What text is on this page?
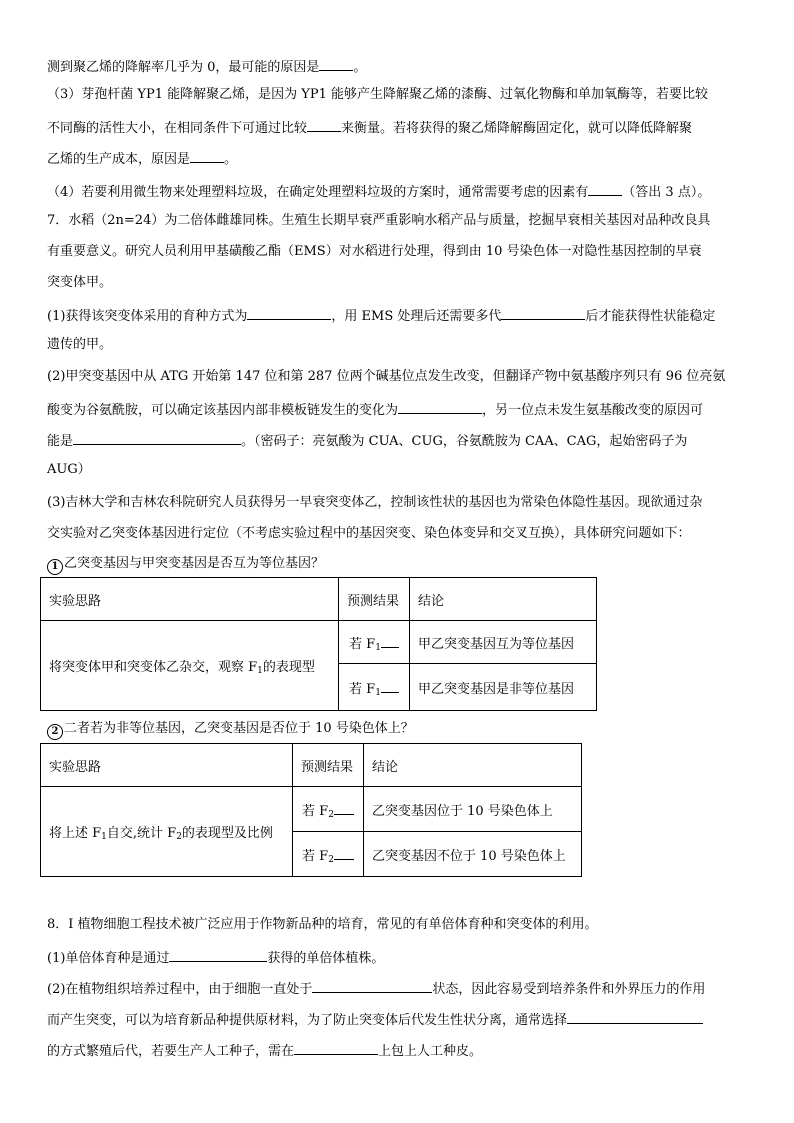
测到聚乙烯的降解率几乎为 0，最可能的原因是	。
（3）芽孢杆菌 YP1 能降解聚乙烯，是因为 YP1 能够产生降解聚乙烯的漆酶、过氧化物酶和单加氧酶等，若要比较
不同酶的活性大小，在相同条件下可通过比较	来衡量。若将获得的聚乙烯降解酶固定化，就可以降低降解聚
乙烯的生产成本，原因是	。
（4）若要利用微生物来处理塑料垃圾，在确定处理塑料垃圾的方案时，通常需要考虑的因素有	（答出 3 点）。
7．水稻（2n=24）为二倍体雌雄同株。生殖生长期早衰严重影响水稻产品与质量，挖掘早衰相关基因对品种改良具
有重要意义。研究人员利用甲基磺酸乙酯（EMS）对水稻进行处理，得到由 10 号染色体一对隐性基因控制的早衰
突变体甲。
(1)获得该突变体采用的育种方式为	，用 EMS 处理后还需要多代	后才能获得性状能稳定
遗传的甲。
(2)甲突变基因中从 ATG 开始第 147 位和第 287 位两个碱基位点发生改变，但翻译产物中氨基酸序列只有 96 位亮氨
酸变为谷氨酰胺，可以确定该基因内部非模板链发生的变化为	，另一位点未发生氨基酸改变的原因可
能是	。（密码子：亮氨酸为 CUA、CUG，谷氨酰胺为 CAA、CAG，起始密码子为
AUG）
(3)吉林大学和吉林农科院研究人员获得另一早衰突变体乙，控制该性状的基因也为常染色体隐性基因。现欲通过杂
交实验对乙突变体基因进行定位（不考虑实验过程中的基因突变、染色体变异和交叉互换），具体研究问题如下：
1 乙突变基因与甲突变基因是否互为等位基因？
实验思路	预测结果	结论
将突变体甲和突变体乙杂交，观察 $F_1$的表现型	若 $F_1$	甲乙突变基因互为等位基因
	若 $F_1$	甲乙突变基因是非等位基因
2 二者若为非等位基因，乙突变基因是否位于 10 号染色体上？
实验思路	预测结果	结论
将上述 $F_1$自交,统计 $F_2$的表现型及比例	若 $F_2$	乙突变基因位于 10 号染色体上
	若 $F_2$	乙突变基因不位于 10 号染色体上
8．I 植物细胞工程技术被广泛应用于作物新品种的培育，常见的有单倍体育种和突变体的利用。
(1)单倍体育种是通过	获得的单倍体植株。
(2)在植物组织培养过程中，由于细胞一直处于	状态，因此容易受到培养条件和外界压力的作用
而产生突变，可以为培育新品种提供原材料，为了防止突变体后代发生性状分离，通常选择
的方式繁殖后代，若要生产人工种子，需在	上包上人工种皮。
